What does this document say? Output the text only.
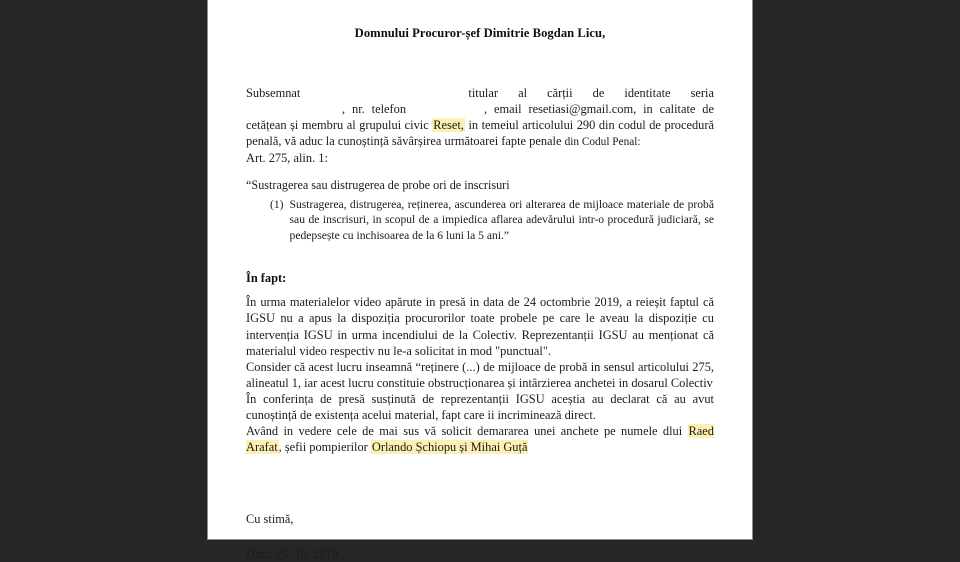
Domnului Procuror-șef Dimitrie Bogdan Licu,

Subsemnat	titular al cărții de identitate seria, nr. telefon	, email resetiasi@gmail.com, in calitate de cetățean și membru al grupului civic Reset, in temeiul articolului 290 din codul de procedură penală, vă aduc la cunoștință săvârșirea următoarei fapte penale din Codul Penal:

Art. 275, alin. 1:

“Sustragerea sau distrugerea de probe ori de inscrisuri

(1) Sustragerea, distrugerea, reținerea, ascunderea ori alterarea de mijloace materiale de probă sau de inscrisuri, in scopul de a impiedica aflarea adevărului intr-o procedură judiciară, se pedepsește cu inchisoarea de la 6 luni la 5 ani.”

În fapt:

În urma materialelor video apărute in presă in data de 24 octombrie 2019, a reieșit faptul că IGSU nu a apus la dispoziția procurorilor toate probele pe care le aveau la dispoziție cu intervenția IGSU in urma incendiului de la Colectiv. Reprezentanții IGSU au menționat că materialul video respectiv nu le-a solicitat in mod "punctual".

Consider că acest lucru inseamnă “reținere (...) de mijloace de probă in sensul articolului 275, alineatul 1, iar acest lucru constituie obstrucționarea și intârzierea anchetei in dosarul Colectiv

În conferința de presă susținută de reprezentanții IGSU aceștia au declarat că au avut cunoștință de existența acelui material, fapt care ii incriminează direct.

Având in vedere cele de mai sus vă solicit demararea unei anchete pe numele dlui Raed Arafat, șefii pompierilor Orlando Șchiopu și Mihai Guță

Cu stimă,

Data: 25. 10. 2019
